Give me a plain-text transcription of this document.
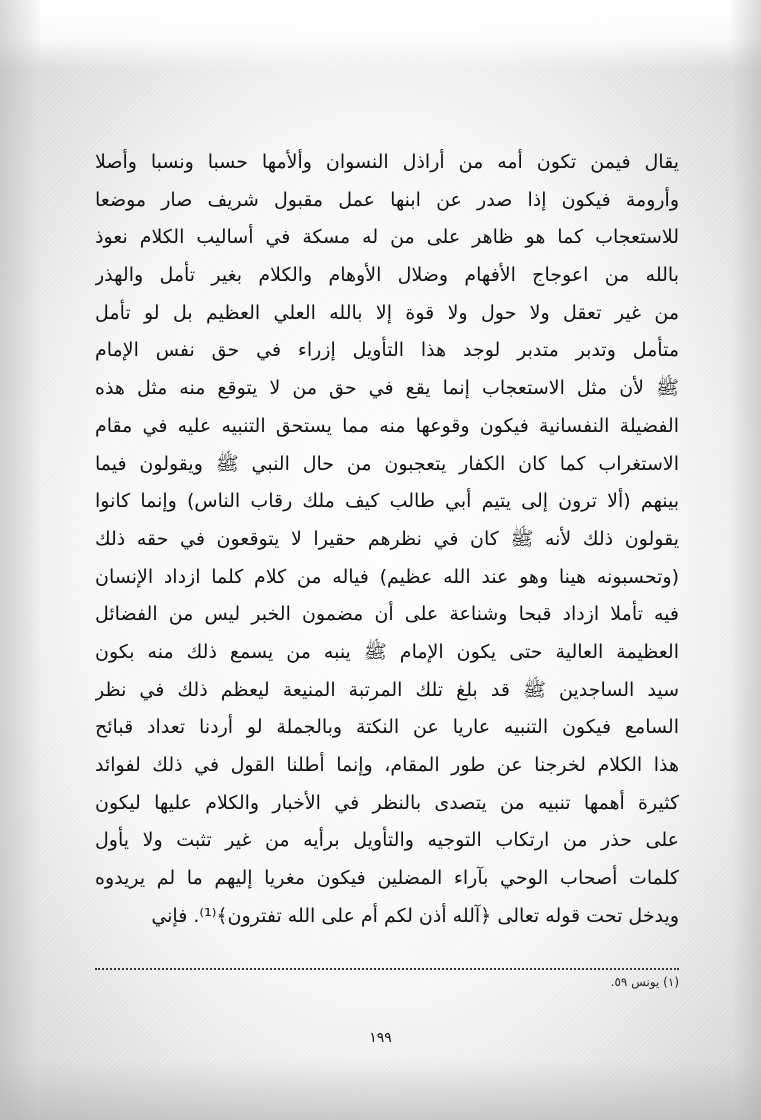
يقال فيمن تكون أمه من أراذل النسوان وألأمها حسبا ونسبا وأصلا
وأرومة فيكون إذا صدر عن ابنها عمل مقبول شريف صار موضعا
للاستعجاب كما هو ظاهر على من له مسكة في أساليب الكلام نعوذ
بالله من اعوجاج الأفهام وضلال الأوهام والكلام بغير تأمل والهذر
من غير تعقل ولا حول ولا قوة إلا بالله العلي العظيم بل لو تأمل
متأمل وتدبر متدبر لوجد هذا التأويل إزراء في حق نفس الإمام
ﷺ لأن مثل الاستعجاب إنما يقع في حق من لا يتوقع منه مثل هذه
الفضيلة النفسانية فيكون وقوعها منه مما يستحق التنبيه عليه في مقام
الاستغراب كما كان الكفار يتعجبون من حال النبي ﷺ ويقولون فيما
بينهم (ألا ترون إلى يتيم أبي طالب كيف ملك رقاب الناس) وإنما كانوا
يقولون ذلك لأنه ﷺ كان في نظرهم حقيرا لا يتوقعون في حقه ذلك
(وتحسبونه هينا وهو عند الله عظيم) فياله من كلام كلما ازداد الإنسان
فيه تأملا ازداد قبحا وشناعة على أن مضمون الخبر ليس من الفضائل
العظيمة العالية حتى يكون الإمام ﷺ ينبه من يسمع ذلك منه بكون
سيد الساجدين ﷺ قد بلغ تلك المرتبة المنيعة ليعظم ذلك في نظر
السامع فيكون التنبيه عاريا عن النكتة وبالجملة لو أردنا تعداد قبائح
هذا الكلام لخرجنا عن طور المقام، وإنما أطلنا القول في ذلك لفوائد
كثيرة أهمها تنبيه من يتصدى بالنظر في الأخبار والكلام عليها ليكون
على حذر من ارتكاب التوجيه والتأويل برأيه من غير تثبت ولا يأول
كلمات أصحاب الوحي بآراء المضلين فيكون مغريا إليهم ما لم يريدوه
ويدخل تحت قوله تعالى ﴿آلله أذن لكم أم على الله تفترون﴾⁽¹⁾. فإني
(١) يونس ٥٩.
١٩٩
